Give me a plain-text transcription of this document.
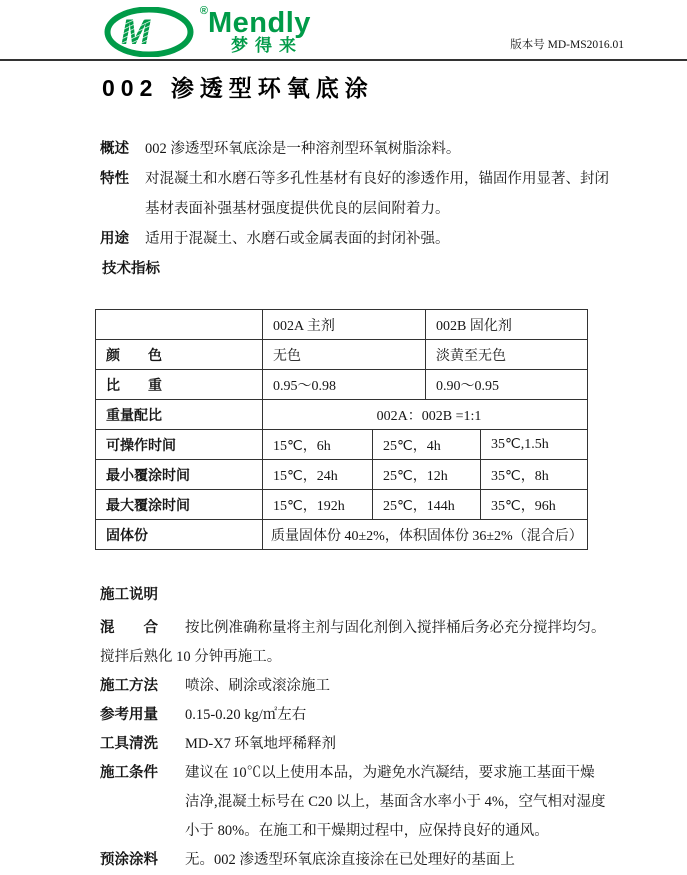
M
® Mendly
梦得来	版本号 MD-MS2016.01
002 渗透型环氧底涂
概述	002 渗透型环氧底涂是一种溶剂型环氧树脂涂料。
特性	对混凝土和水磨石等多孔性基材有良好的渗透作用，锚固作用显著、封闭
基材表面补强基材强度提供优良的层间附着力。
用途	适用于混凝土、水磨石或金属表面的封闭补强。
技术指标
	002A 主剂		002B 固化剂	
颜　　色	无色		淡黄至无色	
比　　重	0.95～0.98		0.90～0.95	
重量配比	002A：002B =1:1			
可操作时间	15℃，6h	25℃，4h		35℃,1.5h
最小覆涂时间	15℃，24h	25℃，12h		35℃，8h
最大覆涂时间	15℃，192h	25℃，144h		35℃，96h
固体份	质量固体份 40±2%，体积固体份 36±2%（混合后）			
施工说明
混　　合	按比例准确称量将主剂与固化剂倒入搅拌桶后务必充分搅拌均匀。
搅拌后熟化 10 分钟再施工。
施工方法	喷涂、刷涂或滚涂施工
参考用量	0.15-0.20 kg/㎡左右
工具清洗	MD-X7 环氧地坪稀释剂
施工条件	建议在 10℃以上使用本品，为避免水汽凝结，要求施工基面干燥
洁净,混凝土标号在 C20 以上，基面含水率小于 4%，空气相对湿度
小于 80%。在施工和干燥期过程中，应保持良好的通风。
预涂涂料	无。002 渗透型环氧底涂直接涂在已处理好的基面上
